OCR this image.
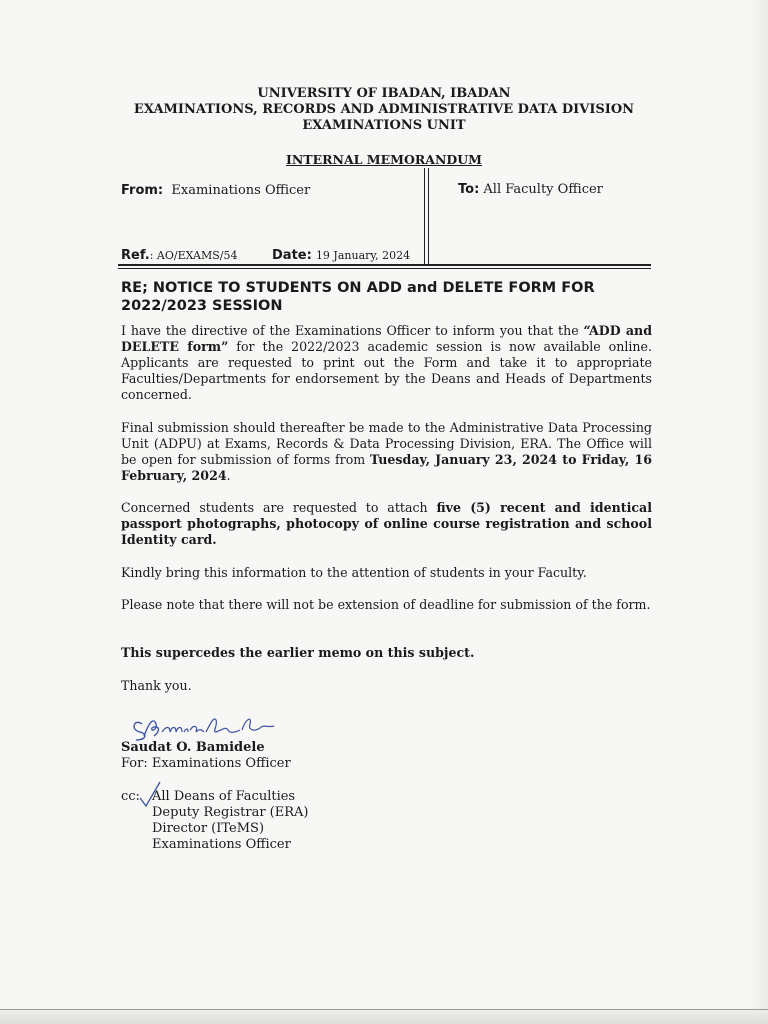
UNIVERSITY OF IBADAN, IBADAN
EXAMINATIONS, RECORDS AND ADMINISTRATIVE DATA DIVISION
EXAMINATIONS UNIT
INTERNAL MEMORANDUM
From: Examinations Officer	To: All Faculty Officer
Ref.: AO/EXAMS/54	Date: 19 January, 2024
RE; NOTICE TO STUDENTS ON ADD and DELETE FORM FOR 2022/2023 SESSION
I have the directive of the Examinations Officer to inform you that the “ADD and DELETE form” for the 2022/2023 academic session is now available online. Applicants are requested to print out the Form and take it to appropriate Faculties/Departments for endorsement by the Deans and Heads of Departments concerned.
Final submission should thereafter be made to the Administrative Data Processing Unit (ADPU) at Exams, Records & Data Processing Division, ERA. The Office will be open for submission of forms from Tuesday, January 23, 2024 to Friday, 16 February, 2024.
Concerned students are requested to attach five (5) recent and identical passport photographs, photocopy of online course registration and school Identity card.
Kindly bring this information to the attention of students in your Faculty.
Please note that there will not be extension of deadline for submission of the form.
This supercedes the earlier memo on this subject.
Thank you.
Saudat O. Bamidele
For: Examinations Officer
cc: All Deans of Faculties
Deputy Registrar (ERA)
Director (ITeMS)
Examinations Officer
